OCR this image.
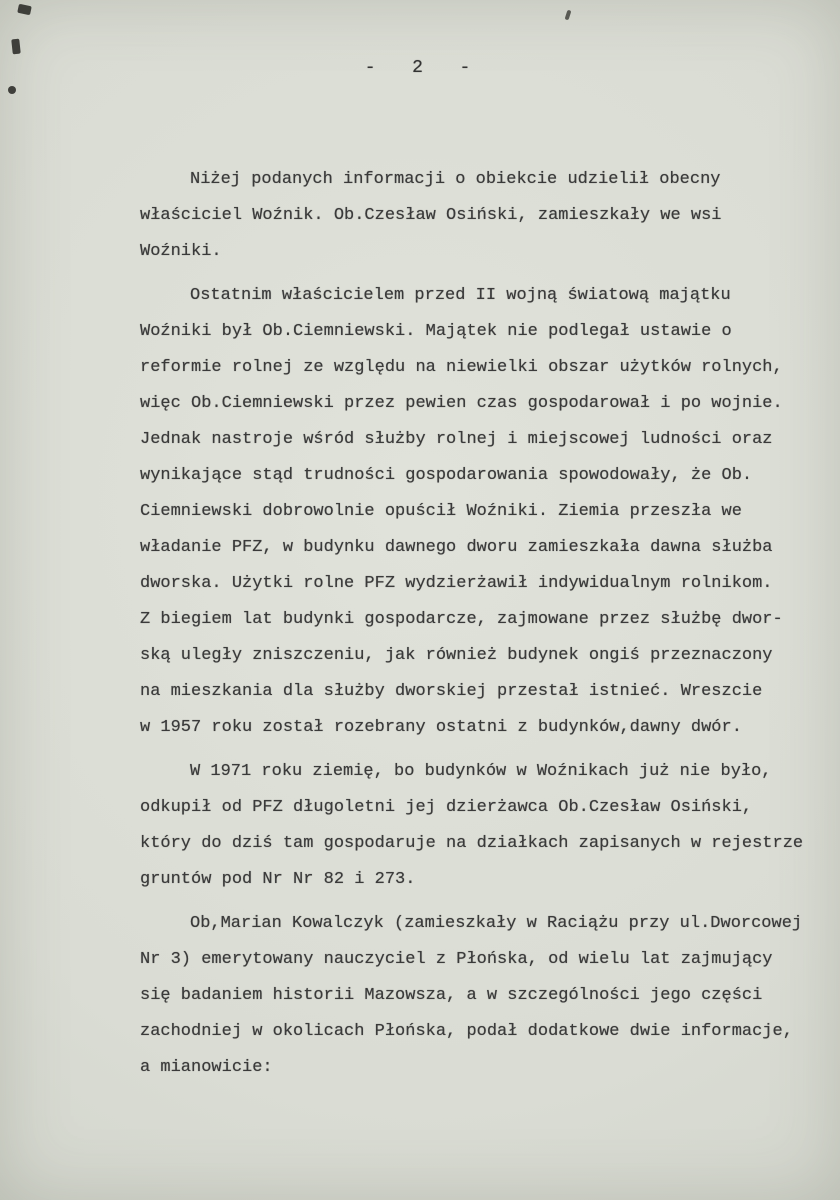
-  2  -
Niżej podanych informacji o obiekcie udzielił obecny
właściciel Woźnik. Ob.Czesław Osiński, zamieszkały we wsi
Woźniki.
Ostatnim właścicielem przed II wojną światową majątku
Woźniki był Ob.Ciemniewski. Majątek nie podlegał ustawie o
reformie rolnej ze względu na niewielki obszar użytków rolnych,
więc Ob.Ciemniewski przez pewien czas gospodarował i po wojnie.
Jednak nastroje wśród służby rolnej i miejscowej ludności oraz
wynikające stąd trudności gospodarowania spowodowały, że Ob.
Ciemniewski dobrowolnie opuścił Woźniki. Ziemia przeszła we
władanie PFZ, w budynku dawnego dworu zamieszkała dawna służba
dworska. Użytki rolne PFZ wydzierżawił indywidualnym rolnikom.
Z biegiem lat budynki gospodarcze, zajmowane przez służbę dwor-
ską uległy zniszczeniu, jak również budynek ongiś przeznaczony
na mieszkania dla służby dworskiej przestał istnieć. Wreszcie
w 1957 roku został rozebrany ostatni z budynków,dawny dwór.
W 1971 roku ziemię, bo budynków w Woźnikach już nie było,
odkupił od PFZ długoletni jej dzierżawca Ob.Czesław Osiński,
który do dziś tam gospodaruje na działkach zapisanych w rejestrze
gruntów pod Nr Nr 82 i 273.
Ob,Marian Kowalczyk (zamieszkały w Raciążu przy ul.Dworcowej
Nr 3) emerytowany nauczyciel z Płońska, od wielu lat zajmujący
się badaniem historii Mazowsza, a w szczególności jego części
zachodniej w okolicach Płońska, podał dodatkowe dwie informacje,
a mianowicie:
